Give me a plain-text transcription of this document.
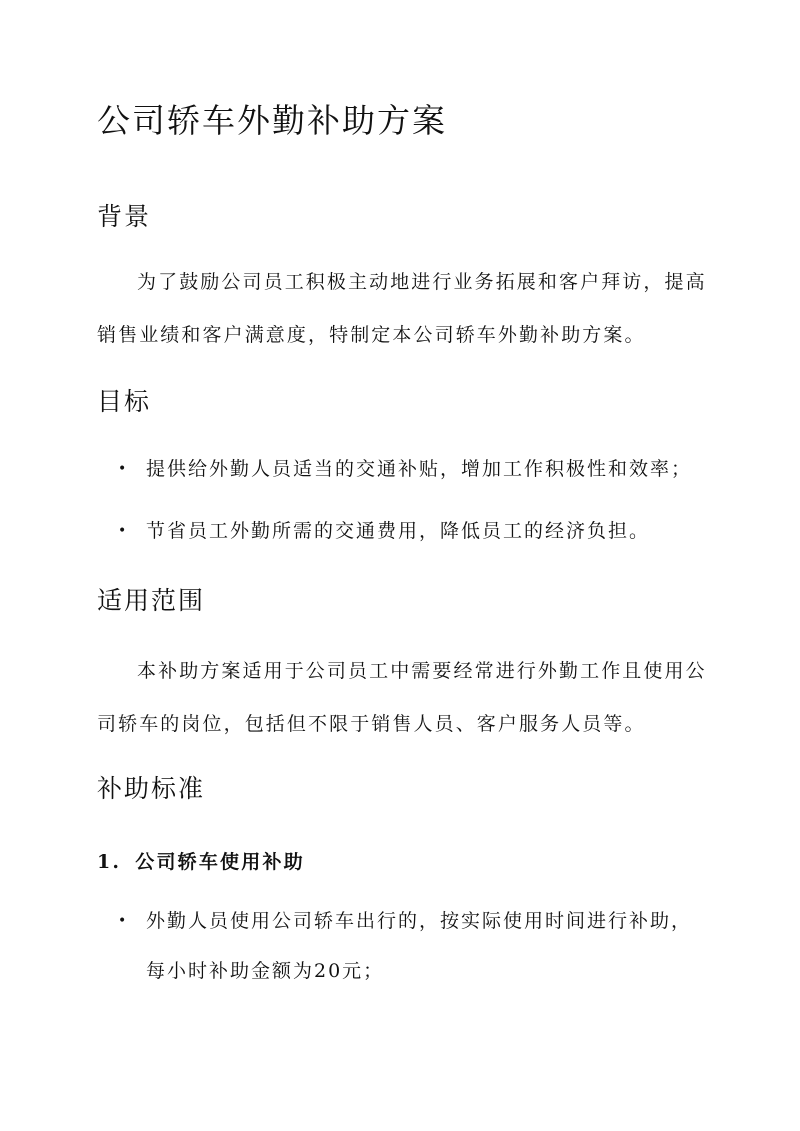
公司轿车外勤补助方案
背景

为了鼓励公司员工积极主动地进行业务拓展和客户拜访，提高销售业绩和客户满意度，特制定本公司轿车外勤补助方案。

目标
• 提供给外勤人员适当的交通补贴，增加工作积极性和效率；
• 节省员工外勤所需的交通费用，降低员工的经济负担。
适用范围

本补助方案适用于公司员工中需要经常进行外勤工作且使用公司轿车的岗位，包括但不限于销售人员、客户服务人员等。

补助标准
1. 公司轿车使用补助
• 外勤人员使用公司轿车出行的，按实际使用时间进行补助，
每小时补助金额为20元；
